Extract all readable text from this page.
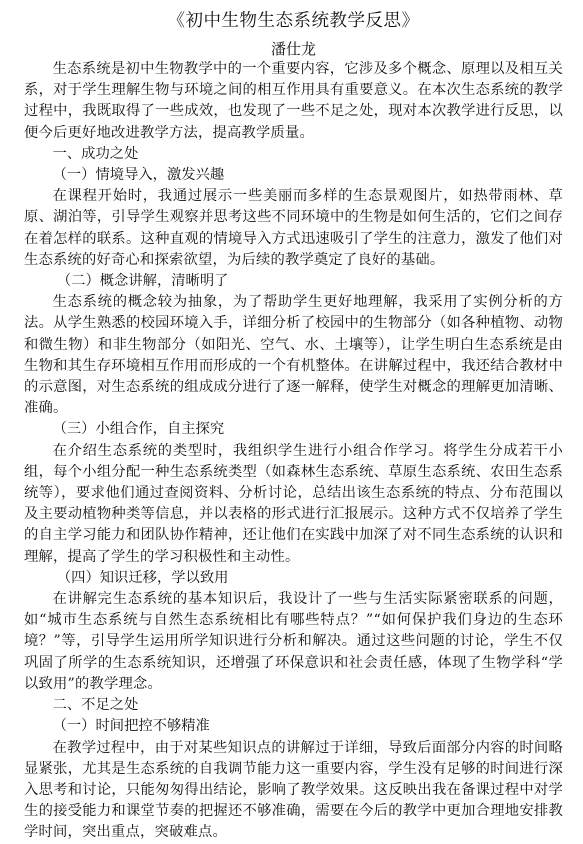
《初中生物生态系统教学反思》
潘仕龙

生态系统是初中生物教学中的一个重要内容，它涉及多个概念、原理以及相互关系，对于学生理解生物与环境之间的相互作用具有重要意义。在本次生态系统的教学过程中，我既取得了一些成效，也发现了一些不足之处，现对本次教学进行反思，以便今后更好地改进教学方法，提高教学质量。

一、成功之处
（一）情境导入，激发兴趣

在课程开始时，我通过展示一些美丽而多样的生态景观图片，如热带雨林、草原、湖泊等，引导学生观察并思考这些不同环境中的生物是如何生活的，它们之间存在着怎样的联系。这种直观的情境导入方式迅速吸引了学生的注意力，激发了他们对生态系统的好奇心和探索欲望，为后续的教学奠定了良好的基础。

（二）概念讲解，清晰明了

生态系统的概念较为抽象，为了帮助学生更好地理解，我采用了实例分析的方法。从学生熟悉的校园环境入手，详细分析了校园中的生物部分（如各种植物、动物和微生物）和非生物部分（如阳光、空气、水、土壤等），让学生明白生态系统是由生物和其生存环境相互作用而形成的一个有机整体。在讲解过程中，我还结合教材中的示意图，对生态系统的组成成分进行了逐一解释，使学生对概念的理解更加清晰、准确。

（三）小组合作，自主探究

在介绍生态系统的类型时，我组织学生进行小组合作学习。将学生分成若干小组，每个小组分配一种生态系统类型（如森林生态系统、草原生态系统、农田生态系统等），要求他们通过查阅资料、分析讨论，总结出该生态系统的特点、分布范围以及主要动植物种类等信息，并以表格的形式进行汇报展示。这种方式不仅培养了学生的自主学习能力和团队协作精神，还让他们在实践中加深了对不同生态系统的认识和理解，提高了学生的学习积极性和主动性。

（四）知识迁移，学以致用

在讲解完生态系统的基本知识后，我设计了一些与生活实际紧密联系的问题，如“城市生态系统与自然生态系统相比有哪些特点？”“如何保护我们身边的生态环境？”等，引导学生运用所学知识进行分析和解决。通过这些问题的讨论，学生不仅巩固了所学的生态系统知识，还增强了环保意识和社会责任感，体现了生物学科“学以致用”的教学理念。

二、不足之处
（一）时间把控不够精准

在教学过程中，由于对某些知识点的讲解过于详细，导致后面部分内容的时间略显紧张，尤其是生态系统的自我调节能力这一重要内容，学生没有足够的时间进行深入思考和讨论，只能匆匆得出结论，影响了教学效果。这反映出我在备课过程中对学生的接受能力和课堂节奏的把握还不够准确，需要在今后的教学中更加合理地安排教学时间，突出重点，突破难点。
